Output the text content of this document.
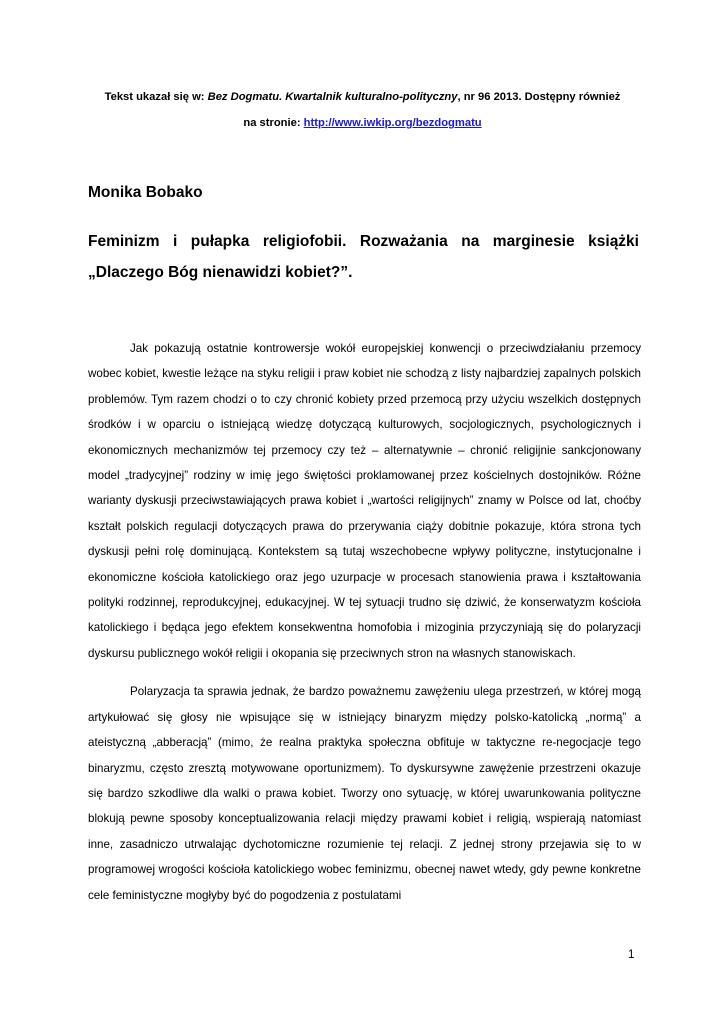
Tekst ukazał się w: Bez Dogmatu. Kwartalnik kulturalno-polityczny, nr 96 2013. Dostępny również
na stronie: http://www.iwkip.org/bezdogmatu
Monika Bobako
Feminizm i pułapka religiofobii. Rozważania na marginesie książki „Dlaczego Bóg nienawidzi kobiet?”.

Jak pokazują ostatnie kontrowersje wokół europejskiej konwencji o przeciwdziałaniu przemocy wobec kobiet, kwestie leżące na styku religii i praw kobiet nie schodzą z listy najbardziej zapalnych polskich problemów. Tym razem chodzi o to czy chronić kobiety przed przemocą przy użyciu wszelkich dostępnych środków i w oparciu o istniejącą wiedzę dotyczącą kulturowych, socjologicznych, psychologicznych i ekonomicznych mechanizmów tej przemocy czy też – alternatywnie – chronić religijnie sankcjonowany model „tradycyjnej” rodziny w imię jego świętości proklamowanej przez kościelnych dostojników. Różne warianty dyskusji przeciwstawiających prawa kobiet i „wartości religijnych” znamy w Polsce od lat, choćby kształt polskich regulacji dotyczących prawa do przerywania ciąży dobitnie pokazuje, która strona tych dyskusji pełni rolę dominującą. Kontekstem są tutaj wszechobecne wpływy polityczne, instytucjonalne i ekonomiczne kościoła katolickiego oraz jego uzurpacje w procesach stanowienia prawa i kształtowania polityki rodzinnej, reprodukcyjnej, edukacyjnej. W tej sytuacji trudno się dziwić, że konserwatyzm kościoła katolickiego i będąca jego efektem konsekwentna homofobia i mizoginia przyczyniają się do polaryzacji dyskursu publicznego wokół religii i okopania się przeciwnych stron na własnych stanowiskach.

Polaryzacja ta sprawia jednak, że bardzo poważnemu zawężeniu ulega przestrzeń, w której mogą artykułować się głosy nie wpisujące się w istniejący binaryzm między polsko-katolicką „normą” a ateistyczną „abberacją” (mimo, że realna praktyka społeczna obfituje w taktyczne re-negocjacje tego binaryzmu, często zresztą motywowane oportunizmem). To dyskursywne zawężenie przestrzeni okazuje się bardzo szkodliwe dla walki o prawa kobiet. Tworzy ono sytuację, w której uwarunkowania polityczne blokują pewne sposoby konceptualizowania relacji między prawami kobiet i religią, wspierają natomiast inne, zasadniczo utrwalając dychotomiczne rozumienie tej relacji. Z jednej strony przejawia się to w programowej wrogości kościoła katolickiego wobec feminizmu, obecnej nawet wtedy, gdy pewne konkretne cele feministyczne mogłyby być do pogodzenia z postulatami

1
